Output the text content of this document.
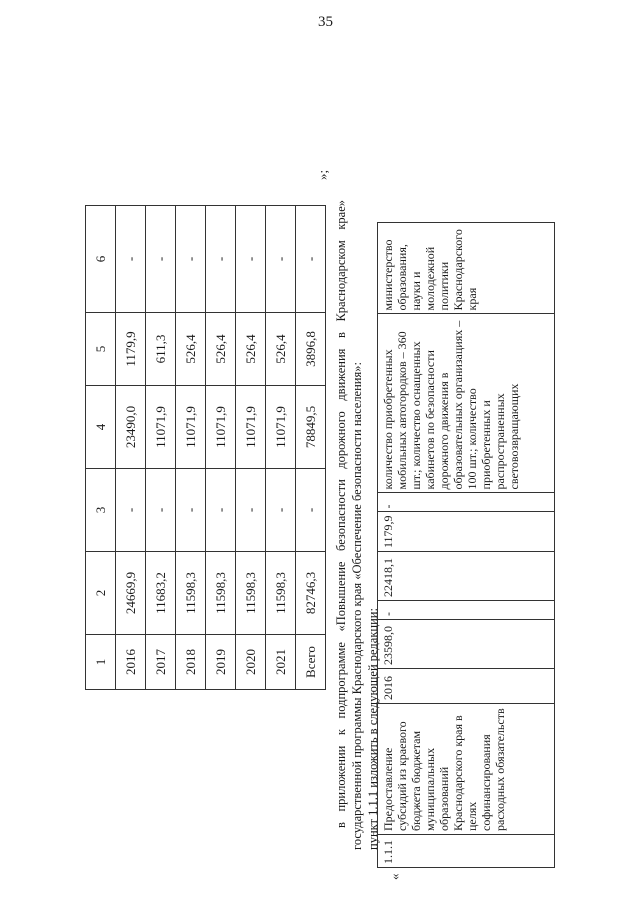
35
1	2	3	4	5	6
2016	24669,9	-	23490,0	1179,9	-
2017	11683,2	-	11071,9	611,3	-
2018	11598,3	-	11071,9	526,4	-
2019	11598,3	-	11071,9	526,4	-
2020	11598,3	-	11071,9	526,4	-
2021	11598,3	-	11071,9	526,4	-
Всего	82746,3	-	78849,5	3896,8	-
»;

в приложении к подпрограмме «Повышение безопасности дорожного движения в Краснодарском крае» государственной программы Краснодарского края «Обеспечение безопасности населения»: пункт 1.1.1 изложить в следующей редакции:

«
1.1.1	Предоставление субсидий из краевого бюджета бюджетам муниципальных образований Краснодарского края в целях софинансирования расходных обязательств	2016	23598,0	-	22418,1	1179,9	-	количество приобретенных мобильных автогородков – 360 шт.; количество оснащенных кабинетов по безопасности дорожного движения в образовательных организациях – 100 шт.; количество приобретенных и распространенных световозвращающих	министерство образования, науки и молодежной политики Краснодарского края
